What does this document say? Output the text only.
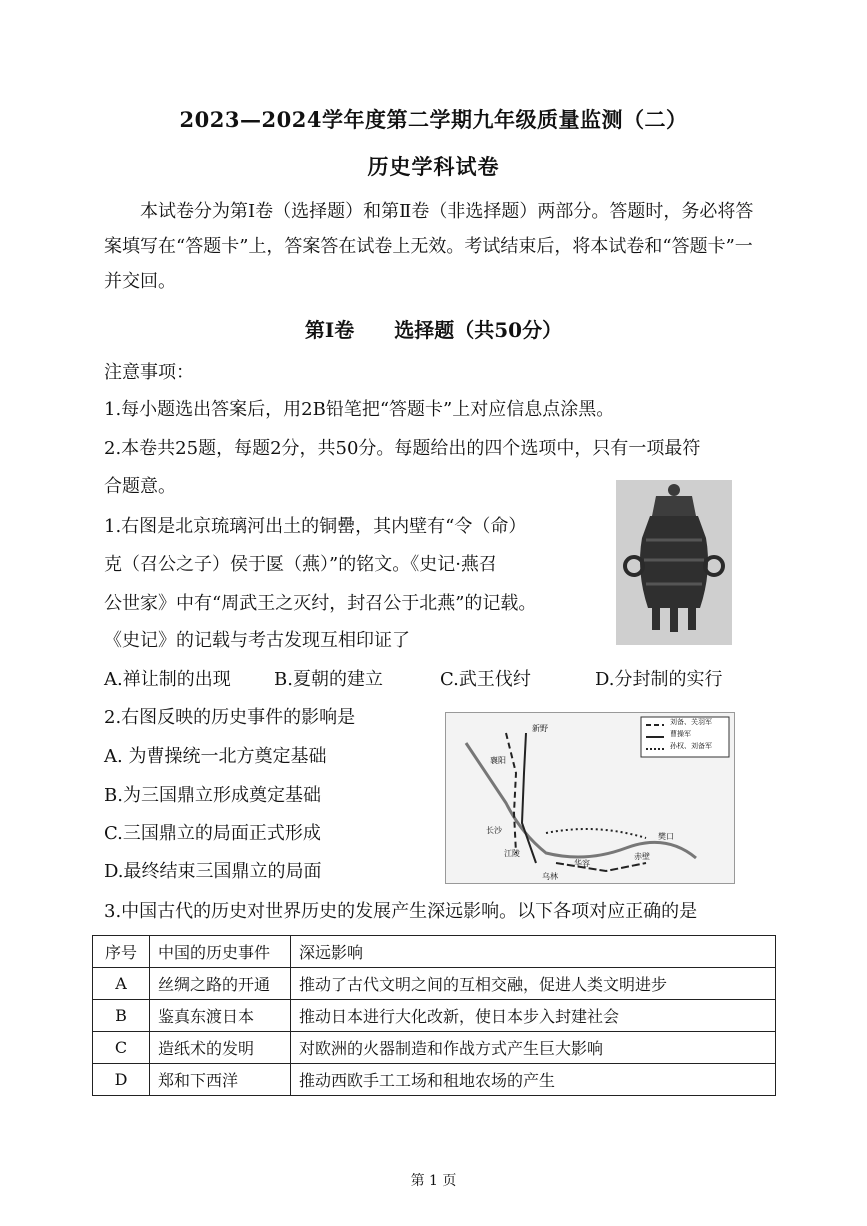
2023—2024学年度第二学期九年级质量监测（二）
历史学科试卷
本试卷分为第Ⅰ卷（选择题）和第Ⅱ卷（非选择题）两部分。答题时，务必将答案填写在“答题卡”上，答案答在试卷上无效。考试结束后，将本试卷和“答题卡”一并交回。
第Ⅰ卷 选择题（共50分）
注意事项：
1.每小题选出答案后，用2B铅笔把“答题卡”上对应信息点涂黑。
2.本卷共25题，每题2分，共50分。每题给出的四个选项中，只有一项最符
合题意。
1.右图是北京琉璃河出土的铜罍，其内壁有“令（命）
克（召公之子）侯于匽（燕）”的铭文。《史记·燕召
公世家》中有“周武王之灭纣，封召公于北燕”的记载。
《史记》的记载与考古发现互相印证了
A.禅让制的出现 B.夏朝的建立	C.武王伐纣	D.分封制的实行
2.右图反映的历史事件的影响是
A. 为曹操统一北方奠定基础
B.为三国鼎立形成奠定基础
C.三国鼎立的局面正式形成
D.最终结束三国鼎立的局面
刘备、关羽军
曹操军
孙权、刘备军
新野
襄阳
江陵
长沙
华容
乌林
赤壁
樊口
3.中国古代的历史对世界历史的发展产生深远影响。以下各项对应正确的是
序号	中国的历史事件	深远影响
A	丝绸之路的开通	推动了古代文明之间的互相交融，促进人类文明进步
B	鉴真东渡日本	推动日本进行大化改新，使日本步入封建社会
C	造纸术的发明	对欧洲的火器制造和作战方式产生巨大影响
D	郑和下西洋	推动西欧手工工场和租地农场的产生
第 1 页
